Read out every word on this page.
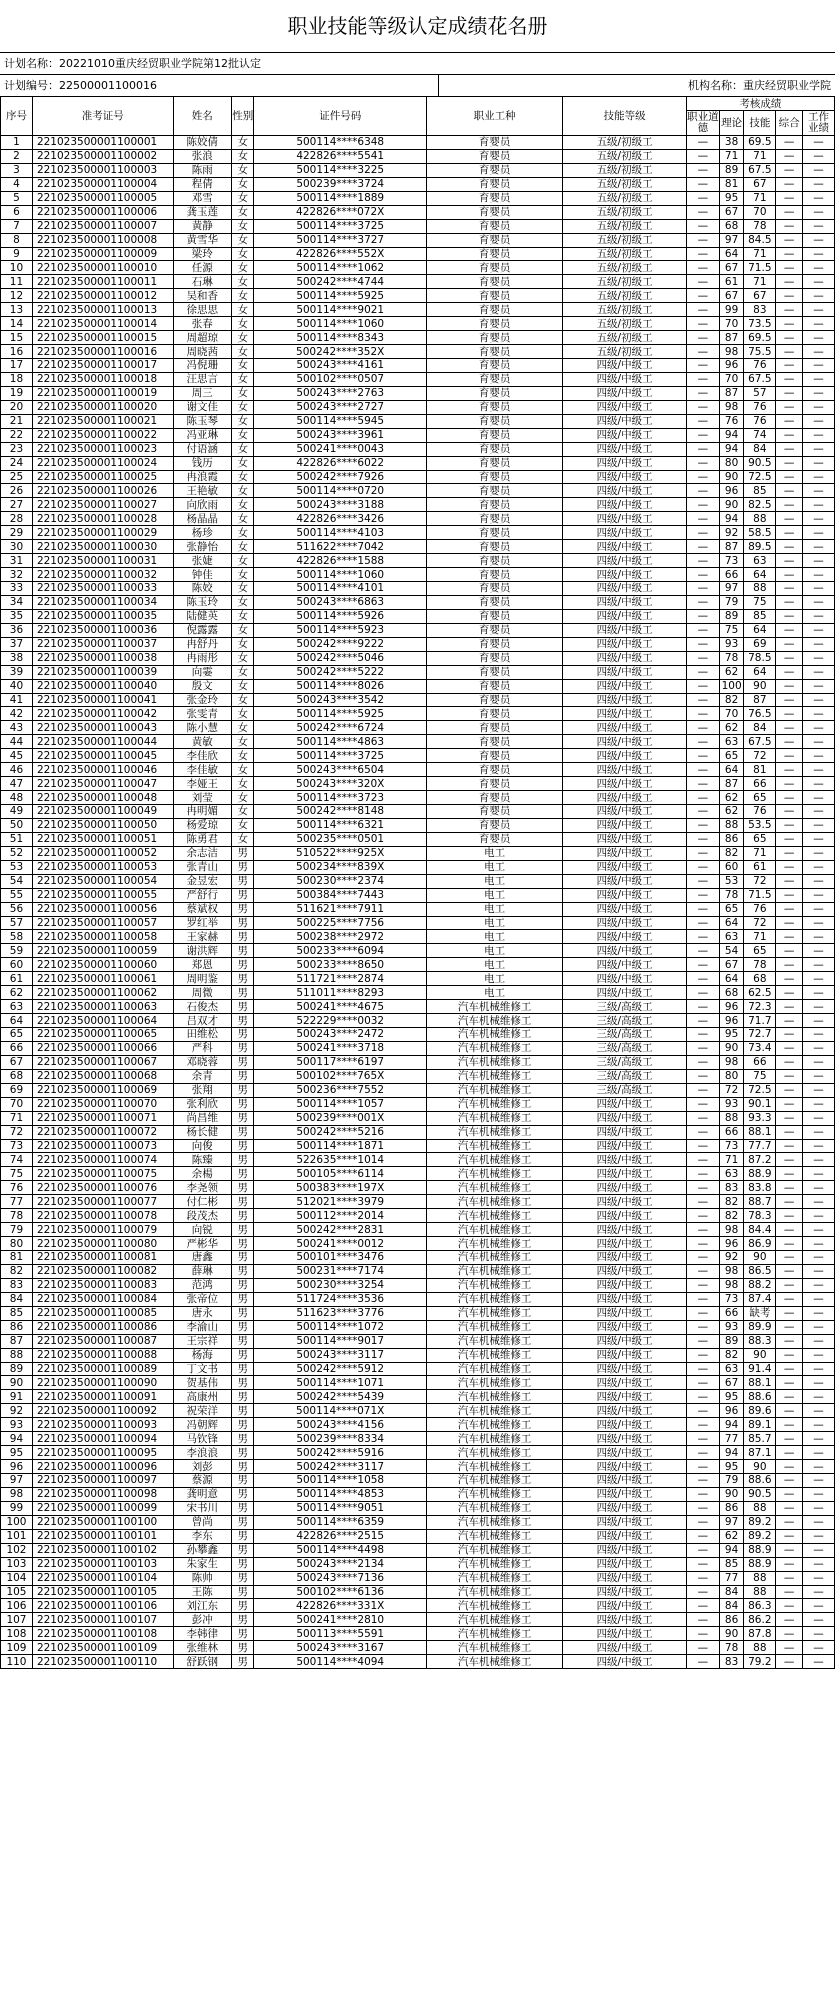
职业技能等级认定成绩花名册
计划名称：20221010重庆经贸职业学院第12批认定
计划编号：22500001100016	机构名称：重庆经贸职业学院
序号	准考证号	姓名	性别	证件号码	职业工种	技能等级	考核成绩				
							职业道德	理论	技能	综合	工作业绩
1	221023500001100001	陈姣倩	女	500114****6348	育婴员	五级/初级工	—	38	69.5	—	—
2	221023500001100002	张浪	女	422826****5541	育婴员	五级/初级工	—	71	71	—	—
3	221023500001100003	陈雨	女	500114****3225	育婴员	五级/初级工	—	89	67.5	—	—
4	221023500001100004	程倩	女	500239****3724	育婴员	五级/初级工	—	81	67	—	—
5	221023500001100005	邓雪	女	500114****1889	育婴员	五级/初级工	—	95	71	—	—
6	221023500001100006	龚玉莲	女	422826****072X	育婴员	五级/初级工	—	67	70	—	—
7	221023500001100007	黄静	女	500114****3725	育婴员	五级/初级工	—	68	78	—	—
8	221023500001100008	黄雪华	女	500114****3727	育婴员	五级/初级工	—	97	84.5	—	—
9	221023500001100009	梁玲	女	422826****552X	育婴员	五级/初级工	—	64	71	—	—
10	221023500001100010	任源	女	500114****1062	育婴员	五级/初级工	—	67	71.5	—	—
11	221023500001100011	石琳	女	500242****4744	育婴员	五级/初级工	—	61	71	—	—
12	221023500001100012	吴和香	女	500114****5925	育婴员	五级/初级工	—	67	67	—	—
13	221023500001100013	徐思思	女	500114****9021	育婴员	五级/初级工	—	99	83	—	—
14	221023500001100014	张春	女	500114****1060	育婴员	五级/初级工	—	70	73.5	—	—
15	221023500001100015	周超琼	女	500114****8343	育婴员	五级/初级工	—	87	69.5	—	—
16	221023500001100016	周晓茜	女	500242****352X	育婴员	五级/初级工	—	98	75.5	—	—
17	221023500001100017	冯倪珊	女	500243****4161	育婴员	四级/中级工	—	96	76	—	—
18	221023500001100018	汪思言	女	500102****0507	育婴员	四级/中级工	—	70	67.5	—	—
19	221023500001100019	周三	女	500243****2763	育婴员	四级/中级工	—	87	57	—	—
20	221023500001100020	谢文佳	女	500243****2727	育婴员	四级/中级工	—	98	76	—	—
21	221023500001100021	陈玉琴	女	500114****5945	育婴员	四级/中级工	—	76	76	—	—
22	221023500001100022	冯亚琳	女	500243****3961	育婴员	四级/中级工	—	94	74	—	—
23	221023500001100023	付语涵	女	500241****0043	育婴员	四级/中级工	—	94	84	—	—
24	221023500001100024	钱历	女	422826****6022	育婴员	四级/中级工	—	80	90.5	—	—
25	221023500001100025	冉浪霞	女	500242****7926	育婴员	四级/中级工	—	90	72.5	—	—
26	221023500001100026	王艳敏	女	500114****0720	育婴员	四级/中级工	—	96	85	—	—
27	221023500001100027	向欣雨	女	500243****3188	育婴员	四级/中级工	—	90	82.5	—	—
28	221023500001100028	杨晶晶	女	422826****3426	育婴员	四级/中级工	—	94	88	—	—
29	221023500001100029	杨珍	女	500114****4103	育婴员	四级/中级工	—	92	58.5	—	—
30	221023500001100030	张静怡	女	511622****7042	育婴员	四级/中级工	—	87	89.5	—	—
31	221023500001100031	张婕	女	422826****1588	育婴员	四级/中级工	—	73	63	—	—
32	221023500001100032	钟佳	女	500114****1060	育婴员	四级/中级工	—	66	64	—	—
33	221023500001100033	陈姣	女	500114****4101	育婴员	四级/中级工	—	97	88	—	—
34	221023500001100034	陈玉玲	女	500243****6863	育婴员	四级/中级工	—	79	75	—	—
35	221023500001100035	陆健英	女	500114****5926	育婴员	四级/中级工	—	89	85	—	—
36	221023500001100036	倪露露	女	500114****5923	育婴员	四级/中级工	—	75	64	—	—
37	221023500001100037	冉舒丹	女	500242****9222	育婴员	四级/中级工	—	93	69	—	—
38	221023500001100038	冉雨彤	女	500242****5046	育婴员	四级/中级工	—	78	78.5	—	—
39	221023500001100039	向霎	女	500242****5222	育婴员	四级/中级工	—	62	64	—	—
40	221023500001100040	殷文	女	500114****8026	育婴员	四级/中级工	—	100	90	—	—
41	221023500001100041	张金玲	女	500243****3542	育婴员	四级/中级工	—	82	87	—	—
42	221023500001100042	张雯青	女	500114****5925	育婴员	四级/中级工	—	70	76.5	—	—
43	221023500001100043	陈小慧	女	500242****6724	育婴员	四级/中级工	—	62	84	—	—
44	221023500001100044	黄敏	女	500114****4863	育婴员	四级/中级工	—	63	67.5	—	—
45	221023500001100045	李佳欣	女	500114****3725	育婴员	四级/中级工	—	65	72	—	—
46	221023500001100046	李佳敏	女	500243****6504	育婴员	四级/中级工	—	64	81	—	—
47	221023500001100047	李娅王	女	500243****320X	育婴员	四级/中级工	—	87	66	—	—
48	221023500001100048	刘莹	女	500114****3723	育婴员	四级/中级工	—	62	65	—	—
49	221023500001100049	冉明媚	女	500242****8148	育婴员	四级/中级工	—	62	76	—	—
50	221023500001100050	杨爱琼	女	500114****6321	育婴员	四级/中级工	—	88	53.5	—	—
51	221023500001100051	陈勇君	女	500235****0501	育婴员	四级/中级工	—	86	65	—	—
52	221023500001100052	余志洁	男	510522****925X	电工	四级/中级工	—	82	71	—	—
53	221023500001100053	张青山	男	500234****839X	电工	四级/中级工	—	60	61	—	—
54	221023500001100054	金昱宏	男	500230****2374	电工	四级/中级工	—	53	72	—	—
55	221023500001100055	严舒行	男	500384****7443	电工	四级/中级工	—	78	71.5	—	—
56	221023500001100056	蔡斌权	男	511621****7911	电工	四级/中级工	—	65	76	—	—
57	221023500001100057	罗红举	男	500225****7756	电工	四级/中级工	—	64	72	—	—
58	221023500001100058	王家赫	男	500238****2972	电工	四级/中级工	—	63	71	—	—
59	221023500001100059	谢洪辉	男	500233****6094	电工	四级/中级工	—	54	65	—	—
60	221023500001100060	郑恩	男	500233****8650	电工	四级/中级工	—	67	78	—	—
61	221023500001100061	周明鉴	男	511721****2874	电工	四级/中级工	—	64	68	—	—
62	221023500001100062	周微	男	511011****8293	电工	四级/中级工	—	68	62.5	—	—
63	221023500001100063	石俊杰	男	500241****4675	汽车机械维修工	三级/高级工	—	96	72.3	—	—
64	221023500001100064	吕双才	男	522229****0032	汽车机械维修工	三级/高级工	—	96	71.7	—	—
65	221023500001100065	田维松	男	500243****2472	汽车机械维修工	三级/高级工	—	95	72.7	—	—
66	221023500001100066	严科	男	500241****3718	汽车机械维修工	三级/高级工	—	90	73.4	—	—
67	221023500001100067	邓晓蓉	男	500117****6197	汽车机械维修工	三级/高级工	—	98	66	—	—
68	221023500001100068	余青	男	500102****765X	汽车机械维修工	三级/高级工	—	80	75	—	—
69	221023500001100069	张翔	男	500236****7552	汽车机械维修工	三级/高级工	—	72	72.5	—	—
70	221023500001100070	张利欣	男	500114****1057	汽车机械维修工	四级/中级工	—	93	90.1	—	—
71	221023500001100071	尚昌维	男	500239****001X	汽车机械维修工	四级/中级工	—	88	93.3	—	—
72	221023500001100072	杨长健	男	500242****5216	汽车机械维修工	四级/中级工	—	66	88.1	—	—
73	221023500001100073	向俊	男	500114****1871	汽车机械维修工	四级/中级工	—	73	77.7	—	—
74	221023500001100074	陈臻	男	522635****1014	汽车机械维修工	四级/中级工	—	71	87.2	—	—
75	221023500001100075	余楊	男	500105****6114	汽车机械维修工	四级/中级工	—	63	88.9	—	—
76	221023500001100076	李尧领	男	500383****197X	汽车机械维修工	四级/中级工	—	83	83.8	—	—
77	221023500001100077	付仁彬	男	512021****3979	汽车机械维修工	四级/中级工	—	82	88.7	—	—
78	221023500001100078	段茂杰	男	500112****2014	汽车机械维修工	四级/中级工	—	82	78.3	—	—
79	221023500001100079	向锐	男	500242****2831	汽车机械维修工	四级/中级工	—	98	84.4	—	—
80	221023500001100080	严彬华	男	500241****0012	汽车机械维修工	四级/中级工	—	96	86.9	—	—
81	221023500001100081	唐鑫	男	500101****3476	汽车机械维修工	四级/中级工	—	92	90	—	—
82	221023500001100082	薛琳	男	500231****7174	汽车机械维修工	四级/中级工	—	98	86.5	—	—
83	221023500001100083	范鸿	男	500230****3254	汽车机械维修工	四级/中级工	—	98	88.2	—	—
84	221023500001100084	张帝位	男	511724****3536	汽车机械维修工	四级/中级工	—	73	87.4	—	—
85	221023500001100085	唐永	男	511623****3776	汽车机械维修工	四级/中级工	—	66	缺考	—	—
86	221023500001100086	李渝山	男	500114****1072	汽车机械维修工	四级/中级工	—	93	89.9	—	—
87	221023500001100087	王宗祥	男	500114****9017	汽车机械维修工	四级/中级工	—	89	88.3	—	—
88	221023500001100088	杨海	男	500243****3117	汽车机械维修工	四级/中级工	—	82	90	—	—
89	221023500001100089	丁文书	男	500242****5912	汽车机械维修工	四级/中级工	—	63	91.4	—	—
90	221023500001100090	贺基伟	男	500114****1071	汽车机械维修工	四级/中级工	—	67	88.1	—	—
91	221023500001100091	高康州	男	500242****5439	汽车机械维修工	四级/中级工	—	95	88.6	—	—
92	221023500001100092	祝荣洋	男	500114****071X	汽车机械维修工	四级/中级工	—	96	89.6	—	—
93	221023500001100093	冯朝辉	男	500243****4156	汽车机械维修工	四级/中级工	—	94	89.1	—	—
94	221023500001100094	马钦锋	男	500239****8334	汽车机械维修工	四级/中级工	—	77	85.7	—	—
95	221023500001100095	李浪浪	男	500242****5916	汽车机械维修工	四级/中级工	—	94	87.1	—	—
96	221023500001100096	刘彭	男	500242****3117	汽车机械维修工	四级/中级工	—	95	90	—	—
97	221023500001100097	蔡源	男	500114****1058	汽车机械维修工	四级/中级工	—	79	88.6	—	—
98	221023500001100098	龚明意	男	500114****4853	汽车机械维修工	四级/中级工	—	90	90.5	—	—
99	221023500001100099	宋书川	男	500114****9051	汽车机械维修工	四级/中级工	—	86	88	—	—
100	221023500001100100	曾尚	男	500114****6359	汽车机械维修工	四级/中级工	—	97	89.2	—	—
101	221023500001100101	李东	男	422826****2515	汽车机械维修工	四级/中级工	—	62	89.2	—	—
102	221023500001100102	孙攀鑫	男	500114****4498	汽车机械维修工	四级/中级工	—	94	88.9	—	—
103	221023500001100103	朱家生	男	500243****2134	汽车机械维修工	四级/中级工	—	85	88.9	—	—
104	221023500001100104	陈帅	男	500243****7136	汽车机械维修工	四级/中级工	—	77	88	—	—
105	221023500001100105	王陈	男	500102****6136	汽车机械维修工	四级/中级工	—	84	88	—	—
106	221023500001100106	刘江东	男	422826****331X	汽车机械维修工	四级/中级工	—	84	86.3	—	—
107	221023500001100107	彭冲	男	500241****2810	汽车机械维修工	四级/中级工	—	86	86.2	—	—
108	221023500001100108	李韩律	男	500113****5591	汽车机械维修工	四级/中级工	—	90	87.8	—	—
109	221023500001100109	张维林	男	500243****3167	汽车机械维修工	四级/中级工	—	78	88	—	—
110	221023500001100110	舒跃钢	男	500114****4094	汽车机械维修工	四级/中级工	—	83	79.2	—	—
